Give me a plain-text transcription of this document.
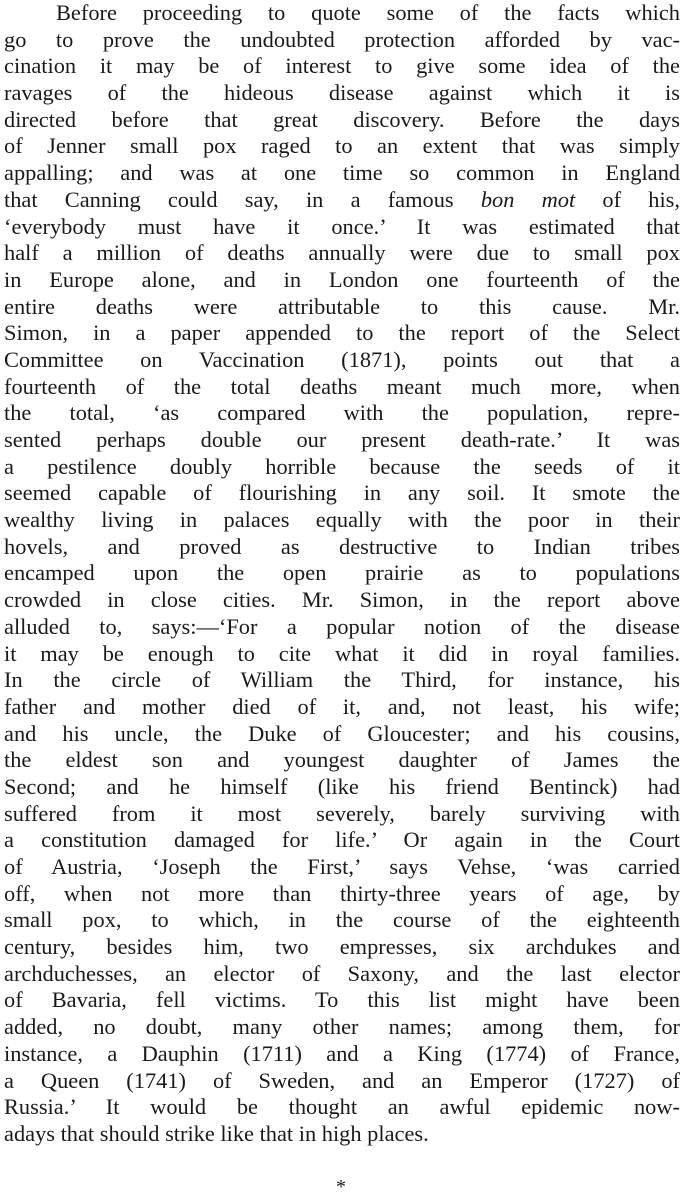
Before proceeding to quote some of the facts which
go to prove the undoubted protection afforded by vac-
cination it may be of interest to give some idea of the
ravages of the hideous disease against which it is
directed before that great discovery. Before the days
of Jenner small pox raged to an extent that was simply
appalling; and was at one time so common in England
that Canning could say, in a famous bon mot of his,
‘everybody must have it once.’ It was estimated that
half a million of deaths annually were due to small pox
in Europe alone, and in London one fourteenth of the
entire deaths were attributable to this cause. Mr.
Simon, in a paper appended to the report of the Select
Committee on Vaccination (1871), points out that a
fourteenth of the total deaths meant much more, when
the total, ‘as compared with the population, repre-
sented perhaps double our present death-rate.’ It was
a pestilence doubly horrible because the seeds of it
seemed capable of flourishing in any soil. It smote the
wealthy living in palaces equally with the poor in their
hovels, and proved as destructive to Indian tribes
encamped upon the open prairie as to populations
crowded in close cities. Mr. Simon, in the report above
alluded to, says:—‘For a popular notion of the disease
it may be enough to cite what it did in royal families.
In the circle of William the Third, for instance, his
father and mother died of it, and, not least, his wife;
and his uncle, the Duke of Gloucester; and his cousins,
the eldest son and youngest daughter of James the
Second; and he himself (like his friend Bentinck) had
suffered from it most severely, barely surviving with
a constitution damaged for life.’ Or again in the Court
of Austria, ‘Joseph the First,’ says Vehse, ‘was carried
off, when not more than thirty-three years of age, by
small pox, to which, in the course of the eighteenth
century, besides him, two empresses, six archdukes and
archduchesses, an elector of Saxony, and the last elector
of Bavaria, fell victims. To this list might have been
added, no doubt, many other names; among them, for
instance, a Dauphin (1711) and a King (1774) of France,
a Queen (1741) of Sweden, and an Emperor (1727) of
Russia.’ It would be thought an awful epidemic now-
adays that should strike like that in high places.
*
